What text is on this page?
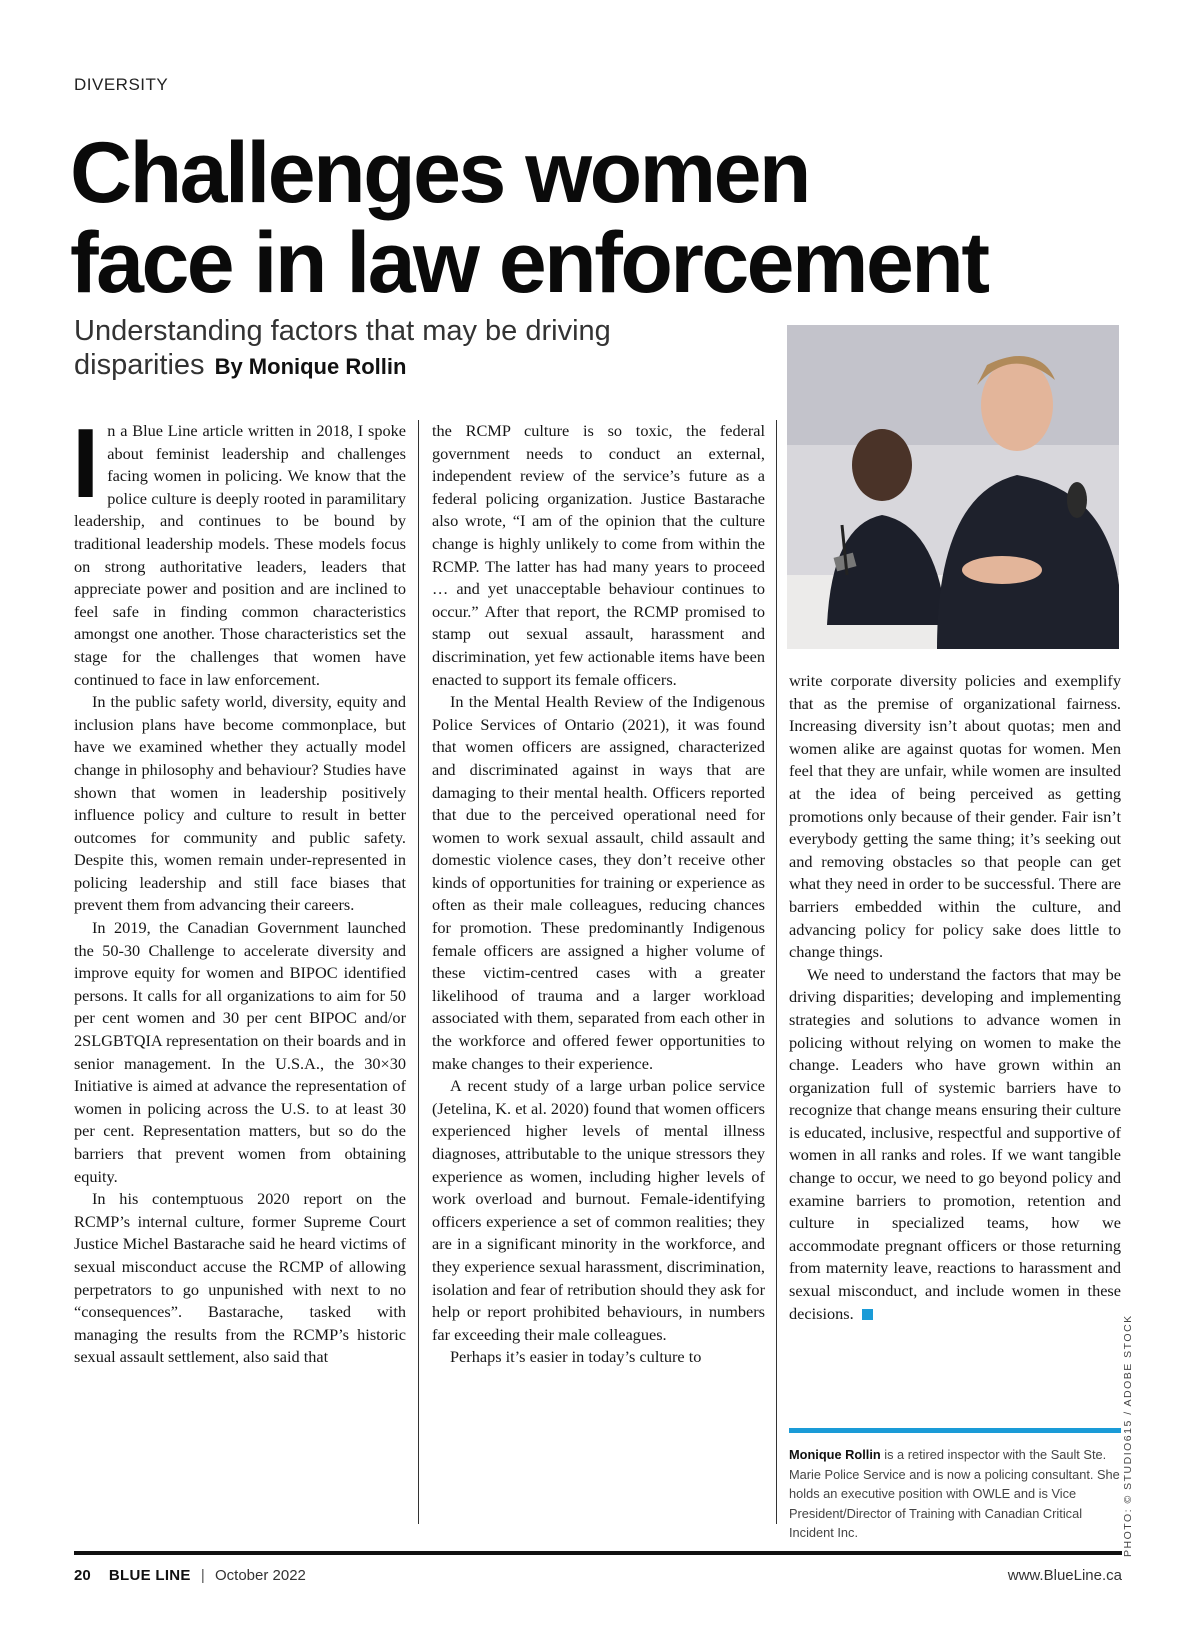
DIVERSITY
Challenges women
face in law enforcement
Understanding factors that may be driving disparities By Monique Rollin

In a Blue Line article written in 2018, I spoke about feminist leadership and challenges facing women in policing. We know that the police culture is deeply rooted in paramilitary leadership, and continues to be bound by traditional leadership models. These models focus on strong authoritative leaders, leaders that appreciate power and position and are inclined to feel safe in finding common characteristics amongst one another. Those characteristics set the stage for the challenges that women have continued to face in law enforcement.

In the public safety world, diversity, equity and inclusion plans have become commonplace, but have we examined whether they actually model change in philosophy and behaviour? Studies have shown that women in leadership positively influence policy and culture to result in better outcomes for community and public safety. Despite this, women remain under-represented in policing leadership and still face biases that prevent them from advancing their careers.

In 2019, the Canadian Government launched the 50-30 Challenge to accelerate diversity and improve equity for women and BIPOC identified persons. It calls for all organizations to aim for 50 per cent women and 30 per cent BIPOC and/or 2SLGBTQIA representation on their boards and in senior management. In the U.S.A., the 30×30 Initiative is aimed at advance the representation of women in policing across the U.S. to at least 30 per cent. Representation matters, but so do the barriers that prevent women from obtaining equity.

In his contemptuous 2020 report on the RCMP’s internal culture, former Supreme Court Justice Michel Bastarache said he heard victims of sexual misconduct accuse the RCMP of allowing perpetrators to go unpunished with next to no “consequences”. Bastarache, tasked with managing the results from the RCMP’s historic sexual assault settlement, also said that

the RCMP culture is so toxic, the federal government needs to conduct an external, independent review of the service’s future as a federal policing organization. Justice Bastarache also wrote, “I am of the opinion that the culture change is highly unlikely to come from within the RCMP. The latter has had many years to proceed … and yet unacceptable behaviour continues to occur.” After that report, the RCMP promised to stamp out sexual assault, harassment and discrimination, yet few actionable items have been enacted to support its female officers.

In the Mental Health Review of the Indigenous Police Services of Ontario (2021), it was found that women officers are assigned, characterized and discriminated against in ways that are damaging to their mental health. Officers reported that due to the perceived operational need for women to work sexual assault, child assault and domestic violence cases, they don’t receive other kinds of opportunities for training or experience as often as their male colleagues, reducing chances for promotion. These predominantly Indigenous female officers are assigned a higher volume of these victim-centred cases with a greater likelihood of trauma and a larger workload associated with them, separated from each other in the workforce and offered fewer opportunities to make changes to their experience.

A recent study of a large urban police service (Jetelina, K. et al. 2020) found that women officers experienced higher levels of mental illness diagnoses, attributable to the unique stressors they experience as women, including higher levels of work overload and burnout. Female-identifying officers experience a set of common realities; they are in a significant minority in the workforce, and they experience sexual harassment, discrimination, isolation and fear of retribution should they ask for help or report prohibited behaviours, in numbers far exceeding their male colleagues.

Perhaps it’s easier in today’s culture to

write corporate diversity policies and exemplify that as the premise of organizational fairness. Increasing diversity isn’t about quotas; men and women alike are against quotas for women. Men feel that they are unfair, while women are insulted at the idea of being perceived as getting promotions only because of their gender. Fair isn’t everybody getting the same thing; it’s seeking out and removing obstacles so that people can get what they need in order to be successful. There are barriers embedded within the culture, and advancing policy for policy sake does little to change things.

We need to understand the factors that may be driving disparities; developing and implementing strategies and solutions to advance women in policing without relying on women to make the change. Leaders who have grown within an organization full of systemic barriers have to recognize that change means ensuring their culture is educated, inclusive, respectful and supportive of women in all ranks and roles. If we want tangible change to occur, we need to go beyond policy and examine barriers to promotion, retention and culture in specialized teams, how we accommodate pregnant officers or those returning from maternity leave, reactions to harassment and sexual misconduct, and include women in these decisions.

Monique Rollin is a retired inspector with the Sault Ste. Marie Police Service and is now a policing consultant. She holds an executive position with OWLE and is Vice President/Director of Training with Canadian Critical Incident Inc.	PHOTO: © STUDIO615 / ADOBE STOCK
20 BLUE LINE | October 2022	www.BlueLine.ca
